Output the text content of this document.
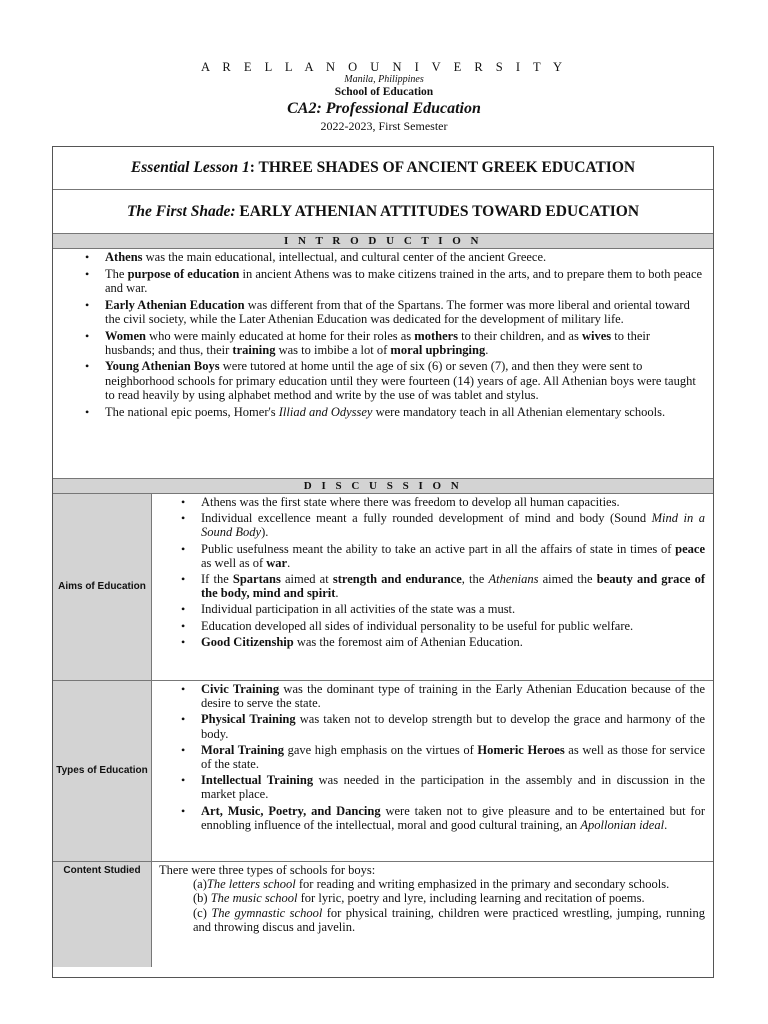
A R E L L A N O U N I V E R S I T Y
Manila, Philippines
School of Education
CA2: Professional Education
2022-2023, First Semester
Essential Lesson 1: THREE SHADES OF ANCIENT GREEK EDUCATION
The First Shade: EARLY ATHENIAN ATTITUDES TOWARD EDUCATION
I N T R O D U C T I O N
• Athens was the main educational, intellectual, and cultural center of the ancient Greece.
• The purpose of education in ancient Athens was to make citizens trained in the arts, and to prepare them to both peace and war.
• Early Athenian Education was different from that of the Spartans. The former was more liberal and oriental toward the civil society, while the Later Athenian Education was dedicated for the development of military life.
• Women who were mainly educated at home for their roles as mothers to their children, and as wives to their husbands; and thus, their training was to imbibe a lot of moral upbringing.
• Young Athenian Boys were tutored at home until the age of six (6) or seven (7), and then they were sent to neighborhood schools for primary education until they were fourteen (14) years of age. All Athenian boys were taught to read heavily by using alphabet method and write by the use of was tablet and stylus.
• The national epic poems, Homer's Illiad and Odyssey were mandatory teach in all Athenian elementary schools.
D I S C U S S I O N
Aims of Education
• Athens was the first state where there was freedom to develop all human capacities.
• Individual excellence meant a fully rounded development of mind and body (Sound Mind in a Sound Body).
• Public usefulness meant the ability to take an active part in all the affairs of state in times of peace as well as of war.
• If the Spartans aimed at strength and endurance, the Athenians aimed the beauty and grace of the body, mind and spirit.
• Individual participation in all activities of the state was a must.
• Education developed all sides of individual personality to be useful for public welfare.
• Good Citizenship was the foremost aim of Athenian Education.
Types of Education
• Civic Training was the dominant type of training in the Early Athenian Education because of the desire to serve the state.
• Physical Training was taken not to develop strength but to develop the grace and harmony of the body.
• Moral Training gave high emphasis on the virtues of Homeric Heroes as well as those for service of the state.
• Intellectual Training was needed in the participation in the assembly and in discussion in the market place.
• Art, Music, Poetry, and Dancing were taken not to give pleasure and to be entertained but for ennobling influence of the intellectual, moral and good cultural training, an Apollonian ideal.
Content Studied There were three types of schools for boys:

(a)The letters school for reading and writing emphasized in the primary and secondary schools.

(b) The music school for lyric, poetry and lyre, including learning and recitation of poems.

(c) The gymnastic school for physical training, children were practiced wrestling, jumping, running and throwing discus and javelin.
